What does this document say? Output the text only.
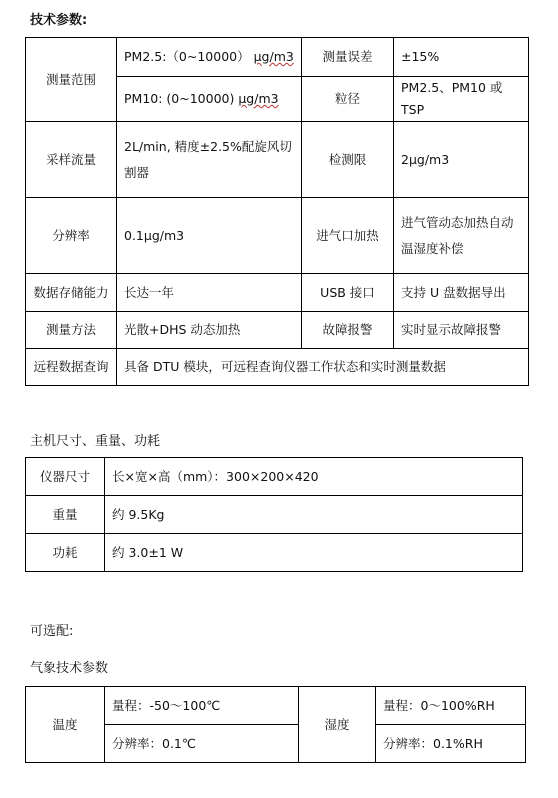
技术参数:
测量范围	PM2.5:（0~10000） μg/m3	测量误差	±15%
	PM10: (0~10000) μg/m3	粒径	PM2.5、PM10 或 TSP
采样流量	2L/min, 精度±2.5%配旋风切割器	检测限	2μg/m3
分辨率	0.1μg/m3	进气口加热	进气管动态加热自动温湿度补偿
数据存储能力	长达一年	USB 接口	支持 U 盘数据导出
测量方法	光散+DHS 动态加热	故障报警	实时显示故障报警
远程数据查询	具备 DTU 模块，可远程查询仪器工作状态和实时测量数据		
主机尺寸、重量、功耗
仪器尺寸	长×宽×高（mm）：300×200×420
重量	约 9.5Kg
功耗	约 3.0±1 W
可选配:
气象技术参数
温度	量程：-50～100℃	湿度	量程：0～100%RH
	分辨率：0.1℃		分辨率：0.1%RH
